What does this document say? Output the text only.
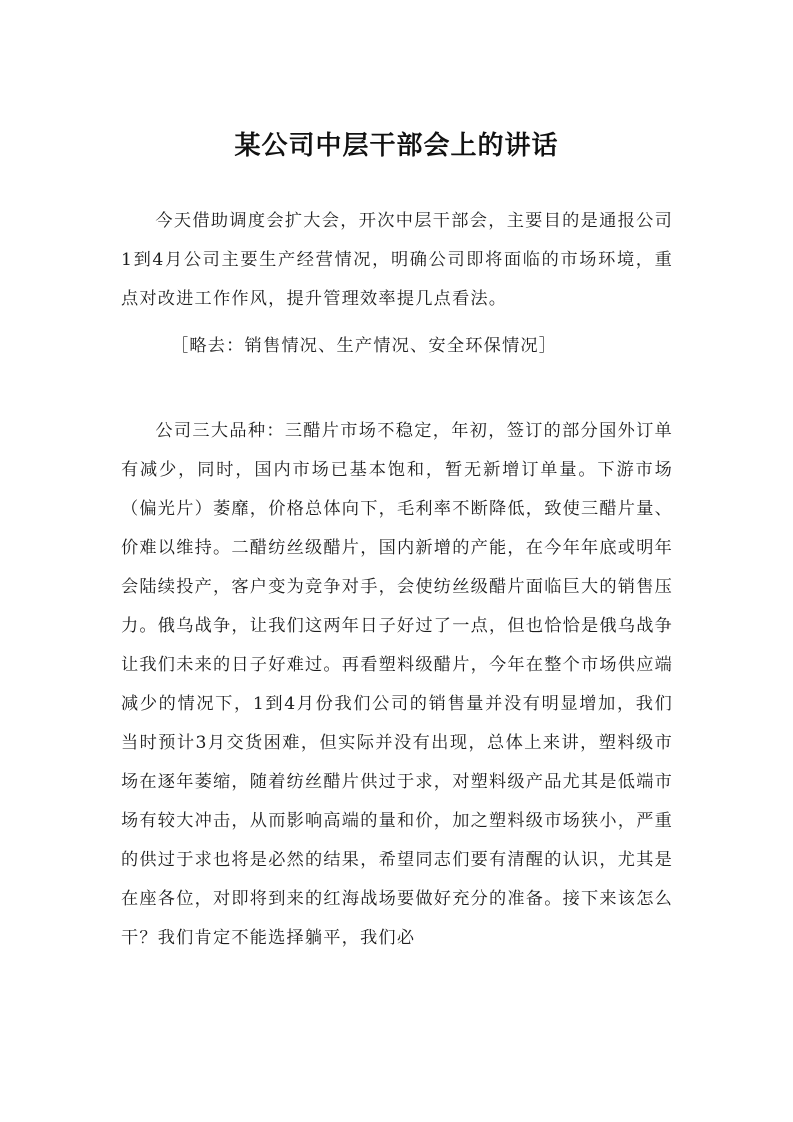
某公司中层干部会上的讲话

今天借助调度会扩大会，开次中层干部会，主要目的是通报公司1到4月公司主要生产经营情况，明确公司即将面临的市场环境，重点对改进工作作风，提升管理效率提几点看法。

［略去：销售情况、生产情况、安全环保情况］

公司三大品种：三醋片市场不稳定，年初，签订的部分国外订单有减少，同时，国内市场已基本饱和，暂无新增订单量。下游市场（偏光片）萎靡，价格总体向下，毛利率不断降低，致使三醋片量、价难以维持。二醋纺丝级醋片，国内新增的产能，在今年年底或明年会陆续投产，客户变为竞争对手，会使纺丝级醋片面临巨大的销售压力。俄乌战争，让我们这两年日子好过了一点，但也恰恰是俄乌战争让我们未来的日子好难过。再看塑料级醋片，今年在整个市场供应端减少的情况下，1到4月份我们公司的销售量并没有明显增加，我们当时预计3月交货困难，但实际并没有出现，总体上来讲，塑料级市场在逐年萎缩，随着纺丝醋片供过于求，对塑料级产品尤其是低端市场有较大冲击，从而影响高端的量和价，加之塑料级市场狭小，严重的供过于求也将是必然的结果，希望同志们要有清醒的认识，尤其是在座各位，对即将到来的红海战场要做好充分的准备。接下来该怎么干？我们肯定不能选择躺平，我们必
